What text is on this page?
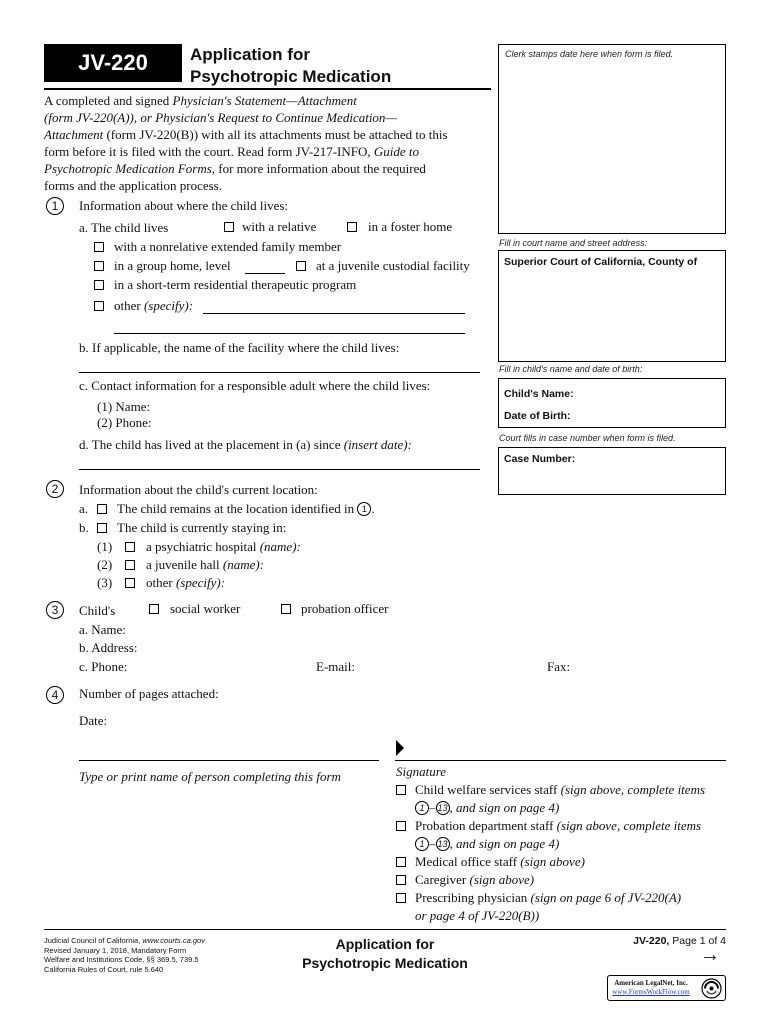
JV-220	Application for
Psychotropic Medication
A completed and signed Physician's Statement—Attachment
(form JV-220(A)), or Physician's Request to Continue Medication—
Attachment (form JV-220(B)) with all its attachments must be attached to this
form before it is filed with the court. Read form JV-217-INFO, Guide to
Psychotropic Medication Forms, for more information about the required
forms and the application process.
Clerk stamps date here when form is filed.
Fill in court name and street address:
Superior Court of California, County of
Fill in child's name and date of birth:
Child's Name:
Date of Birth:
Court fills in case number when form is filed.
Case Number:
1	Information about where the child lives:
a. The child lives	with a relative	in a foster home
with a nonrelative extended family member
in a group home, level	at a juvenile custodial facility
in a short-term residential therapeutic program
other (specify):
b. If applicable, the name of the facility where the child lives:
c. Contact information for a responsible adult where the child lives:
(1) Name:
(2) Phone:
d. The child has lived at the placement in (a) since (insert date):
2	Information about the child's current location:
a. The child remains at the location identified in 1 .
b. The child is currently staying in:
(1)	a psychiatric hospital (name):
(2)	a juvenile hall (name):
(3)	other (specify):
3	Child's	social worker	probation officer
a. Name:
b. Address:
c. Phone:	E-mail:	Fax:
4	Number of pages attached:
Date:
Type or print name of person completing this form	Signature
Child welfare services staff (sign above, complete items
1 – 13 , and sign on page 4)
Probation department staff (sign above, complete items
1 – 13 , and sign on page 4)
Medical office staff (sign above)
Caregiver (sign above)
Prescribing physician (sign on page 6 of JV-220(A)
or page 4 of JV-220(B))
Judicial Council of California, www.courts.ca.gov
Revised January 1, 2018, Mandatory Form
Welfare and Institutions Code, §§ 369.5, 739.5
California Rules of Court, rule 5.640
Application for
Psychotropic Medication
JV-220, Page 1 of 4
→
American LegalNet, Inc.
www.FormsWorkFlow.com
